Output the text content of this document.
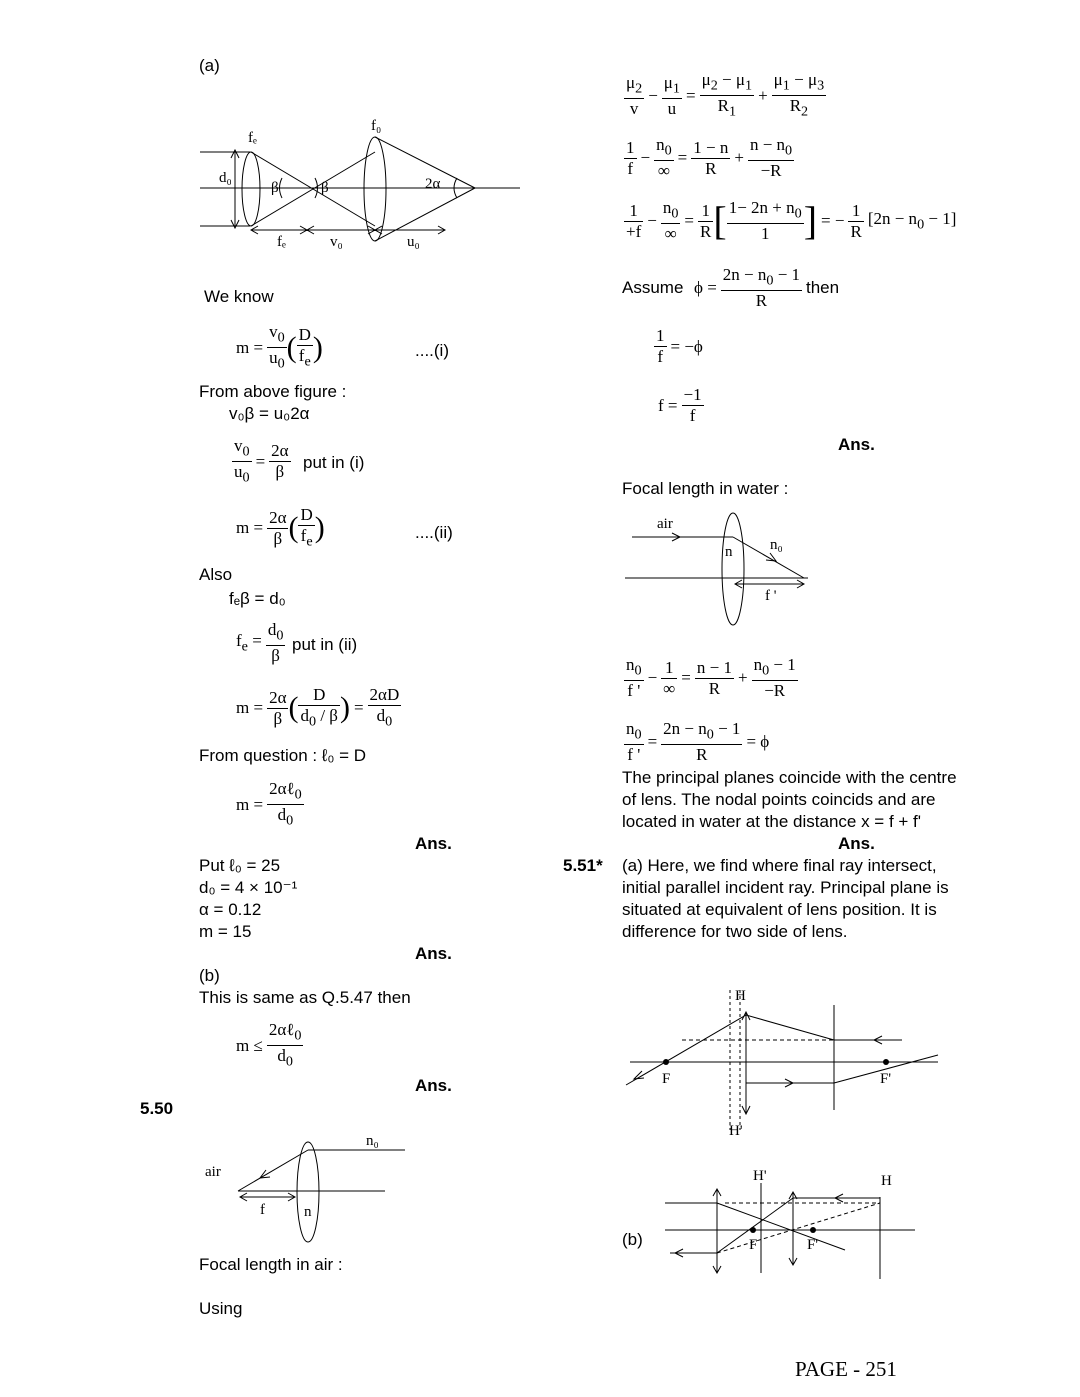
(a)
fₑ
f₀
d₀
β	β	2α
fₑ	v₀	u₀
We know
$m = \frac{v_0}{u_0}$ ( $\frac{D}{f_e}$ )	....(i)
From above figure :
v₀β = u₀2α
$\frac{v_0}{u_0} = \frac{2\alpha}{\beta}$ put in (i)
$m = \frac{2\alpha}{\beta}$ ( $\frac{D}{f_e}$ )	....(ii)
Also
fₑβ = d₀
$f_e = \frac{d_0}{\beta}$ put in (ii)
$m = \frac{2\alpha}{\beta}$ ( $\frac{D}{d_0 / \beta}$ ) = $\frac{2\alpha D}{d_0}$
From question : ℓ₀ = D
$m = \frac{2\alpha\ell_0}{d_0}$
Ans.
Put ℓ₀ = 25
d₀ = 4 × 10⁻¹
α = 0.12
m = 15
Ans.
(b)
This is same as Q.5.47 then
$m \le \frac{2\alpha\ell_0}{d_0}$
Ans.
5.50
n₀
air
f	n
Focal length in air :
Using
$\frac{\mu_2}{v} - \frac{\mu_1}{u} = \frac{\mu_2 - \mu_1}{R_1} + \frac{\mu_1 - \mu_3}{R_2}$
$\frac{1}{f} - \frac{n_0}{\infty} = \frac{1 - n}{R} + \frac{n - n_0}{-R}$
$\frac{1}{+f} - \frac{n_0}{\infty} = \frac{1}{R}$ [ $\frac{1- 2n + n_0}{1}$ ] = − $\frac{1}{R} [2n - n_0 - 1]$
Assume $\phi = \frac{2n - n_0 - 1}{R}$ then
$\frac{1}{f} = -\phi$
$f = \frac{-1}{f}$
Ans.
Focal length in water :
air
n	n₀
f '
$\frac{n_0}{f '} - \frac{1}{\infty} = \frac{n - 1}{R} + \frac{n_0 - 1}{-R}$
$\frac{n_0}{f '} = \frac{2n - n_0 - 1}{R} = \phi$
The principal planes coincide with the centre
of lens. The nodal points coincids and are
located in water at the distance x = f + f'
Ans.
5.51* (a) Here, we find where final ray intersect,
initial parallel incident ray. Principal plane is
situated at equivalent of lens position. It is
difference for two side of lens.
H
H'
F	F'
(b)
H'	H
F	F'
PAGE - 251
